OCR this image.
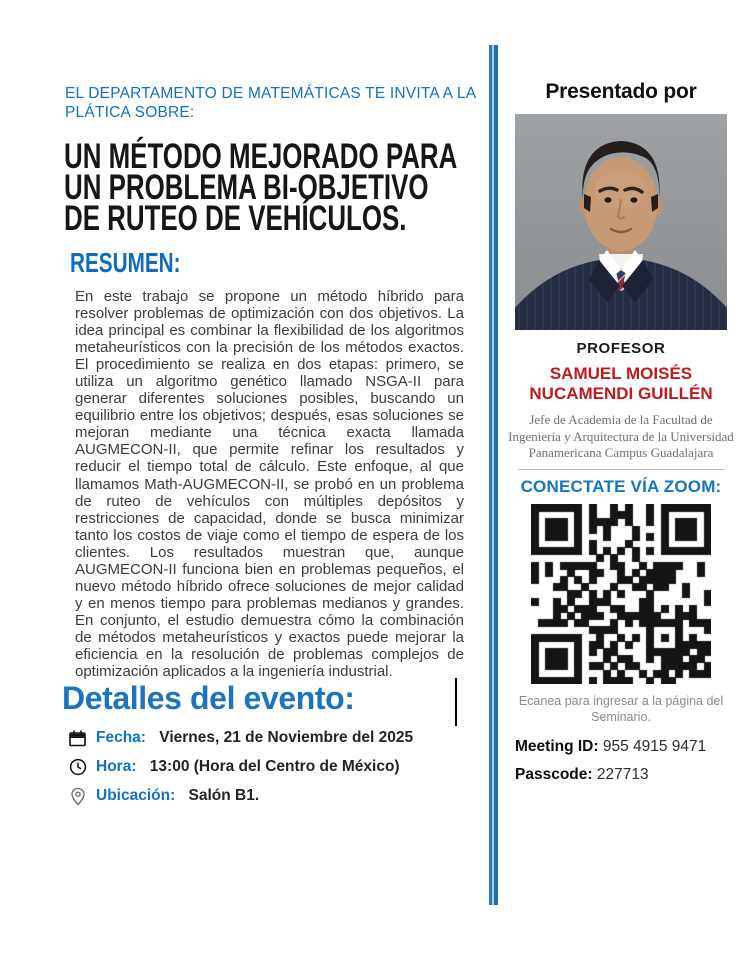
EL DEPARTAMENTO DE MATEMÁTICAS TE INVITA A LA PLÁTICA SOBRE:
UN MÉTODO MEJORADO PARA
UN PROBLEMA BI-OBJETIVO
DE RUTEO DE VEHÍCULOS.
RESUMEN:
En este trabajo se propone un método híbrido para resolver problemas de optimización con dos objetivos. La idea principal es combinar la flexibilidad de los algoritmos metaheurísticos con la precisión de los métodos exactos. El procedimiento se realiza en dos etapas: primero, se utiliza un algoritmo genético llamado NSGA-II para generar diferentes soluciones posibles, buscando un equilibrio entre los objetivos; después, esas soluciones se mejoran mediante una técnica exacta llamada AUGMECON-II, que permite refinar los resultados y reducir el tiempo total de cálculo. Este enfoque, al que llamamos Math-AUGMECON-II, se probó en un problema de ruteo de vehículos con múltiples depósitos y restricciones de capacidad, donde se busca minimizar tanto los costos de viaje como el tiempo de espera de los clientes. Los resultados muestran que, aunque AUGMECON-II funciona bien en problemas pequeños, el nuevo método híbrido ofrece soluciones de mejor calidad y en menos tiempo para problemas medianos y grandes. En conjunto, el estudio demuestra cómo la combinación de métodos metaheurísticos y exactos puede mejorar la eficiencia en la resolución de problemas complejos de optimización aplicados a la ingeniería industrial.
Detalles del evento:
Fecha: Viernes, 21 de Noviembre del 2025
Hora: 13:00 (Hora del Centro de México)
Ubicación: Salón B1.
Presentado por
PROFESOR
SAMUEL MOISÉS
NUCAMENDI GUILLÉN
Jefe de Academia de la Facultad de Ingeniería y Arquitectura de la Universidad Panamericana Campus Guadalajara
CONECTATE VÍA ZOOM:
Ecanea para ingresar a la página del Seminario.
Meeting ID: 955 4915 9471
Passcode: 227713
